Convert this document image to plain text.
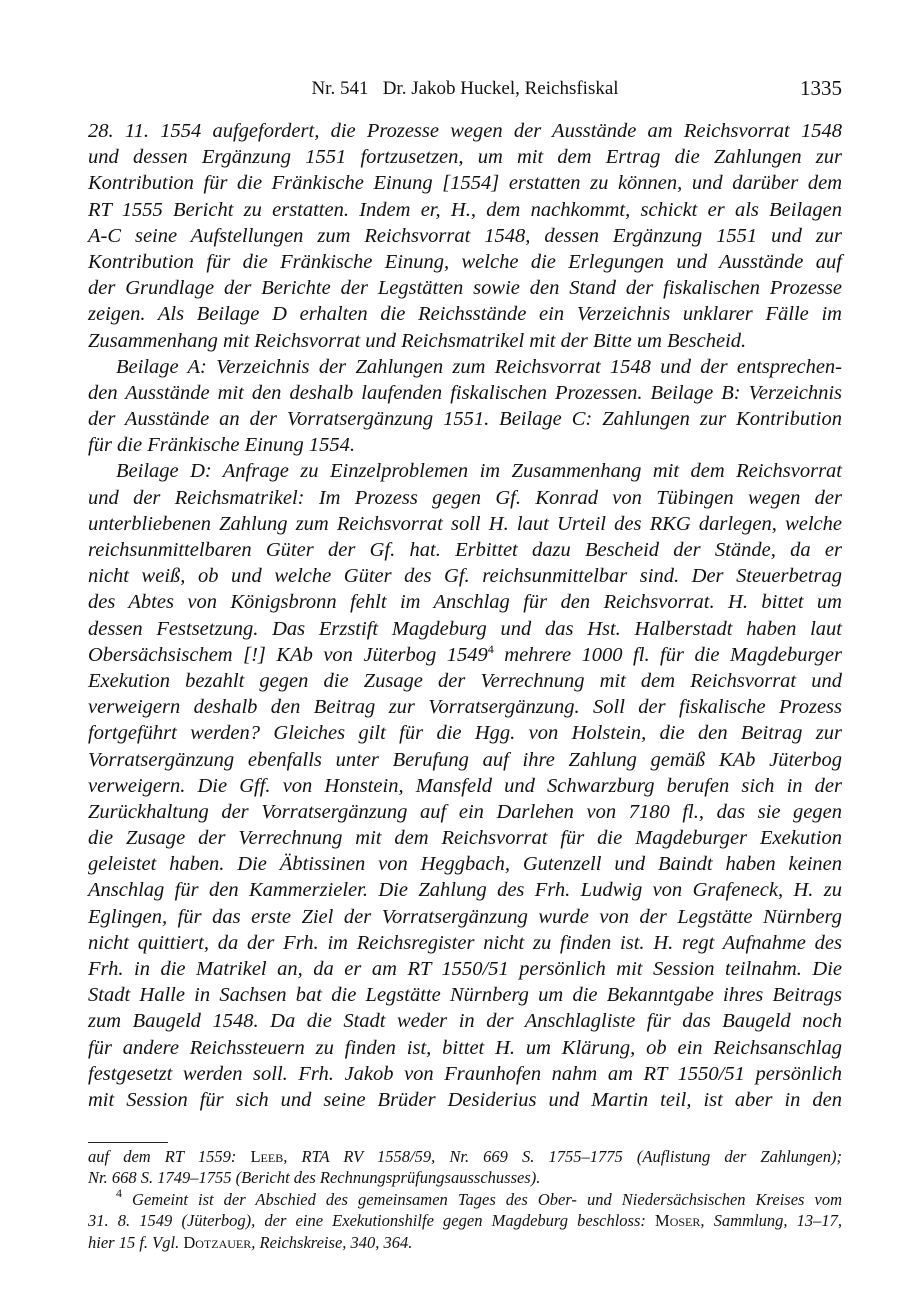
Nr. 541   Dr. Jakob Huckel, Reichsfiskal	1335
28. 11. 1554 aufgefordert, die Prozesse wegen der Ausstände am Reichsvorrat 1548
und dessen Ergänzung 1551 fortzusetzen, um mit dem Ertrag die Zahlungen zur
Kontribution für die Fränkische Einung [1554] erstatten zu können, und darüber dem
RT 1555 Bericht zu erstatten. Indem er, H., dem nachkommt, schickt er als Beilagen
A-C seine Aufstellungen zum Reichsvorrat 1548, dessen Ergänzung 1551 und zur
Kontribution für die Fränkische Einung, welche die Erlegungen und Ausstände auf
der Grundlage der Berichte der Legstätten sowie den Stand der fiskalischen Prozesse
zeigen. Als Beilage D erhalten die Reichsstände ein Verzeichnis unklarer Fälle im
Zusammenhang mit Reichsvorrat und Reichsmatrikel mit der Bitte um Bescheid.
Beilage A: Verzeichnis der Zahlungen zum Reichsvorrat 1548 und der entsprechen-
den Ausstände mit den deshalb laufenden fiskalischen Prozessen. Beilage B: Verzeichnis
der Ausstände an der Vorratsergänzung 1551. Beilage C: Zahlungen zur Kontribution
für die Fränkische Einung 1554.
Beilage D: Anfrage zu Einzelproblemen im Zusammenhang mit dem Reichsvorrat
und der Reichsmatrikel: Im Prozess gegen Gf. Konrad von Tübingen wegen der
unterbliebenen Zahlung zum Reichsvorrat soll H. laut Urteil des RKG darlegen, welche
reichsunmittelbaren Güter der Gf. hat. Erbittet dazu Bescheid der Stände, da er
nicht weiß, ob und welche Güter des Gf. reichsunmittelbar sind. Der Steuerbetrag
des Abtes von Königsbronn fehlt im Anschlag für den Reichsvorrat. H. bittet um
dessen Festsetzung. Das Erzstift Magdeburg und das Hst. Halberstadt haben laut
Obersächsischem [!] KAb von Jüterbog 1549$^4$ mehrere 1000 fl. für die Magdeburger
Exekution bezahlt gegen die Zusage der Verrechnung mit dem Reichsvorrat und
verweigern deshalb den Beitrag zur Vorratsergänzung. Soll der fiskalische Prozess
fortgeführt werden? Gleiches gilt für die Hgg. von Holstein, die den Beitrag zur
Vorratsergänzung ebenfalls unter Berufung auf ihre Zahlung gemäß KAb Jüterbog
verweigern. Die Gff. von Honstein, Mansfeld und Schwarzburg berufen sich in der
Zurückhaltung der Vorratsergänzung auf ein Darlehen von 7180 fl., das sie gegen
die Zusage der Verrechnung mit dem Reichsvorrat für die Magdeburger Exekution
geleistet haben. Die Äbtissinen von Heggbach, Gutenzell und Baindt haben keinen
Anschlag für den Kammerzieler. Die Zahlung des Frh. Ludwig von Grafeneck, H. zu
Eglingen, für das erste Ziel der Vorratsergänzung wurde von der Legstätte Nürnberg
nicht quittiert, da der Frh. im Reichsregister nicht zu finden ist. H. regt Aufnahme des
Frh. in die Matrikel an, da er am RT 1550/51 persönlich mit Session teilnahm. Die
Stadt Halle in Sachsen bat die Legstätte Nürnberg um die Bekanntgabe ihres Beitrags
zum Baugeld 1548. Da die Stadt weder in der Anschlagliste für das Baugeld noch
für andere Reichssteuern zu finden ist, bittet H. um Klärung, ob ein Reichsanschlag
festgesetzt werden soll. Frh. Jakob von Fraunhofen nahm am RT 1550/51 persönlich
mit Session für sich und seine Brüder Desiderius und Martin teil, ist aber in den
auf dem RT 1559: Leeb, RTA RV 1558/59, Nr. 669 S. 1755–1775 (Auflistung der Zahlungen);
Nr. 668 S. 1749–1755 (Bericht des Rechnungsprüfungsausschusses).
$^4$ Gemeint ist der Abschied des gemeinsamen Tages des Ober- und Niedersächsischen Kreises vom
31. 8. 1549 (Jüterbog), der eine Exekutionshilfe gegen Magdeburg beschloss: Moser, Sammlung, 13–17,
hier 15 f. Vgl. Dotzauer, Reichskreise, 340, 364.
